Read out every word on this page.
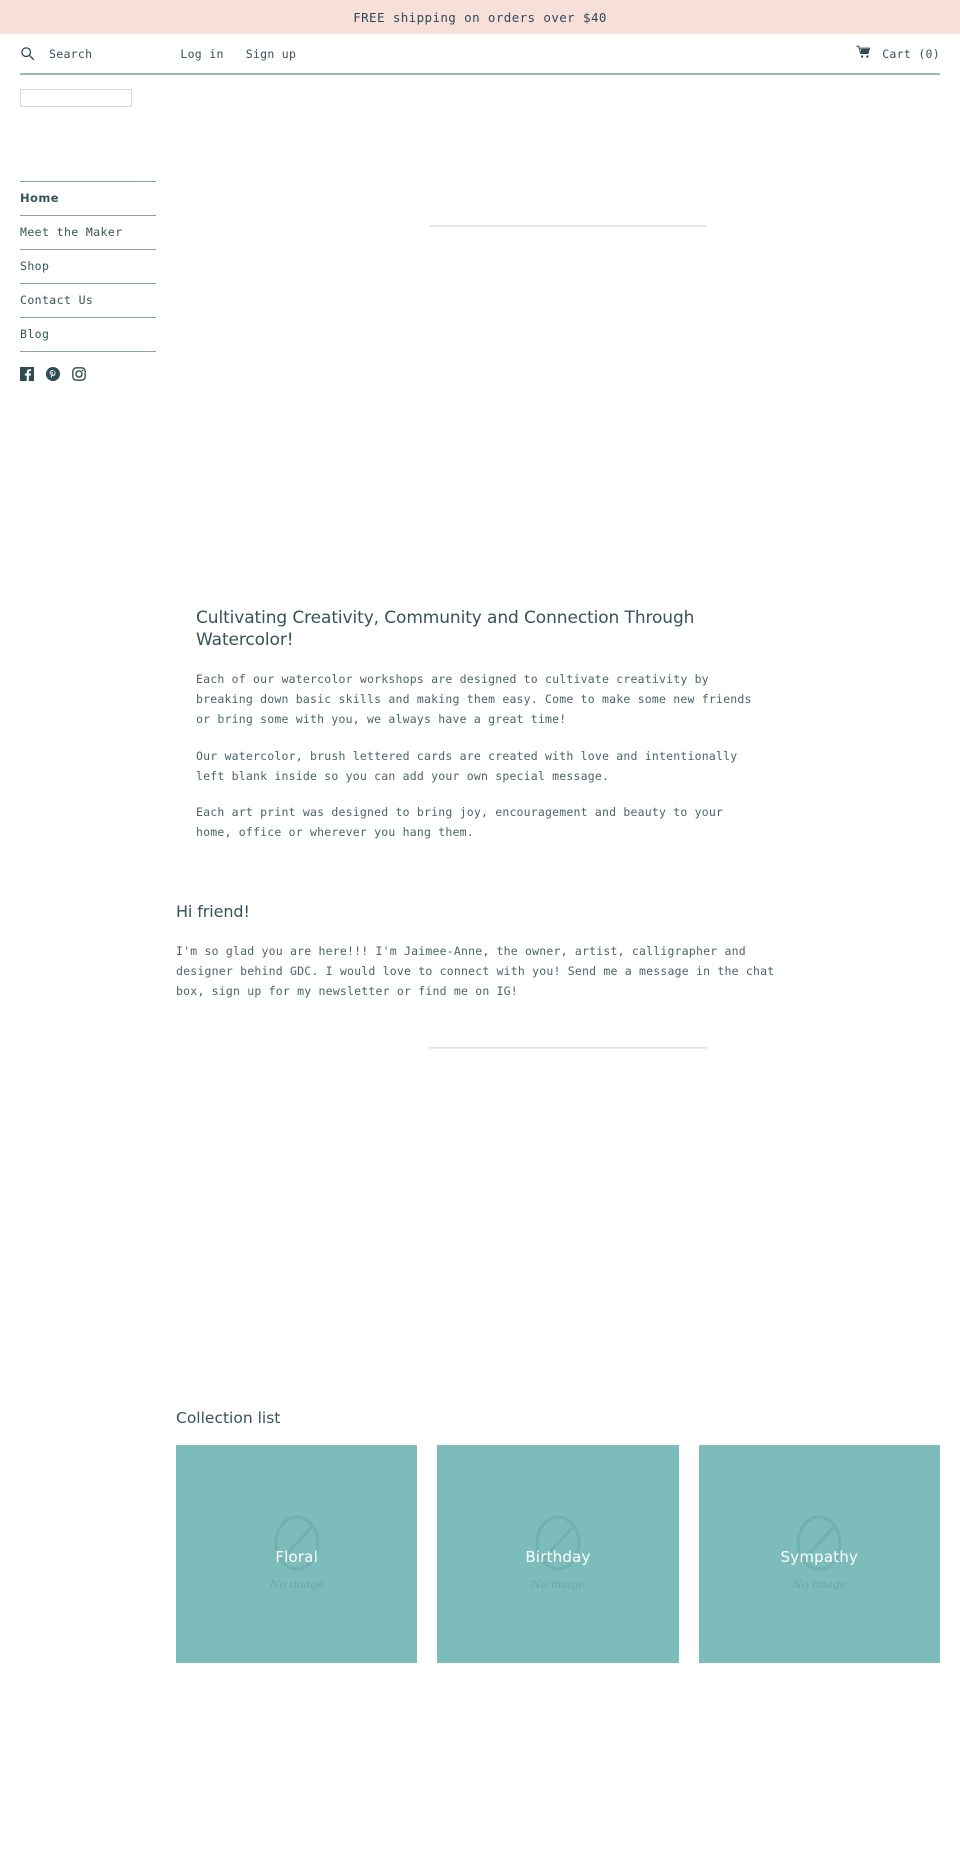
FREE shipping on orders over $40
Search	Log in Sign up	Cart (0)
Home
Meet the Maker
Shop
Contact Us
Blog
Cultivating Creativity, Community and Connection Through Watercolor!

Each of our watercolor workshops are designed to cultivate creativity by breaking down basic skills and making them easy. Come to make some new friends or bring some with you, we always have a great time!

Our watercolor, brush lettered cards are created with love and intentionally left blank inside so you can add your own special message.

Each art print was designed to bring joy, encouragement and beauty to your home, office or wherever you hang them.

Hi friend!

I'm so glad you are here!!! I'm Jaimee-Anne, the owner, artist, calligrapher and designer behind GDC. I would love to connect with you! Send me a message in the chat box, sign up for my newsletter or find me on IG!

Collection list
Floral
No image
Birthday
No image
Sympathy
No image
